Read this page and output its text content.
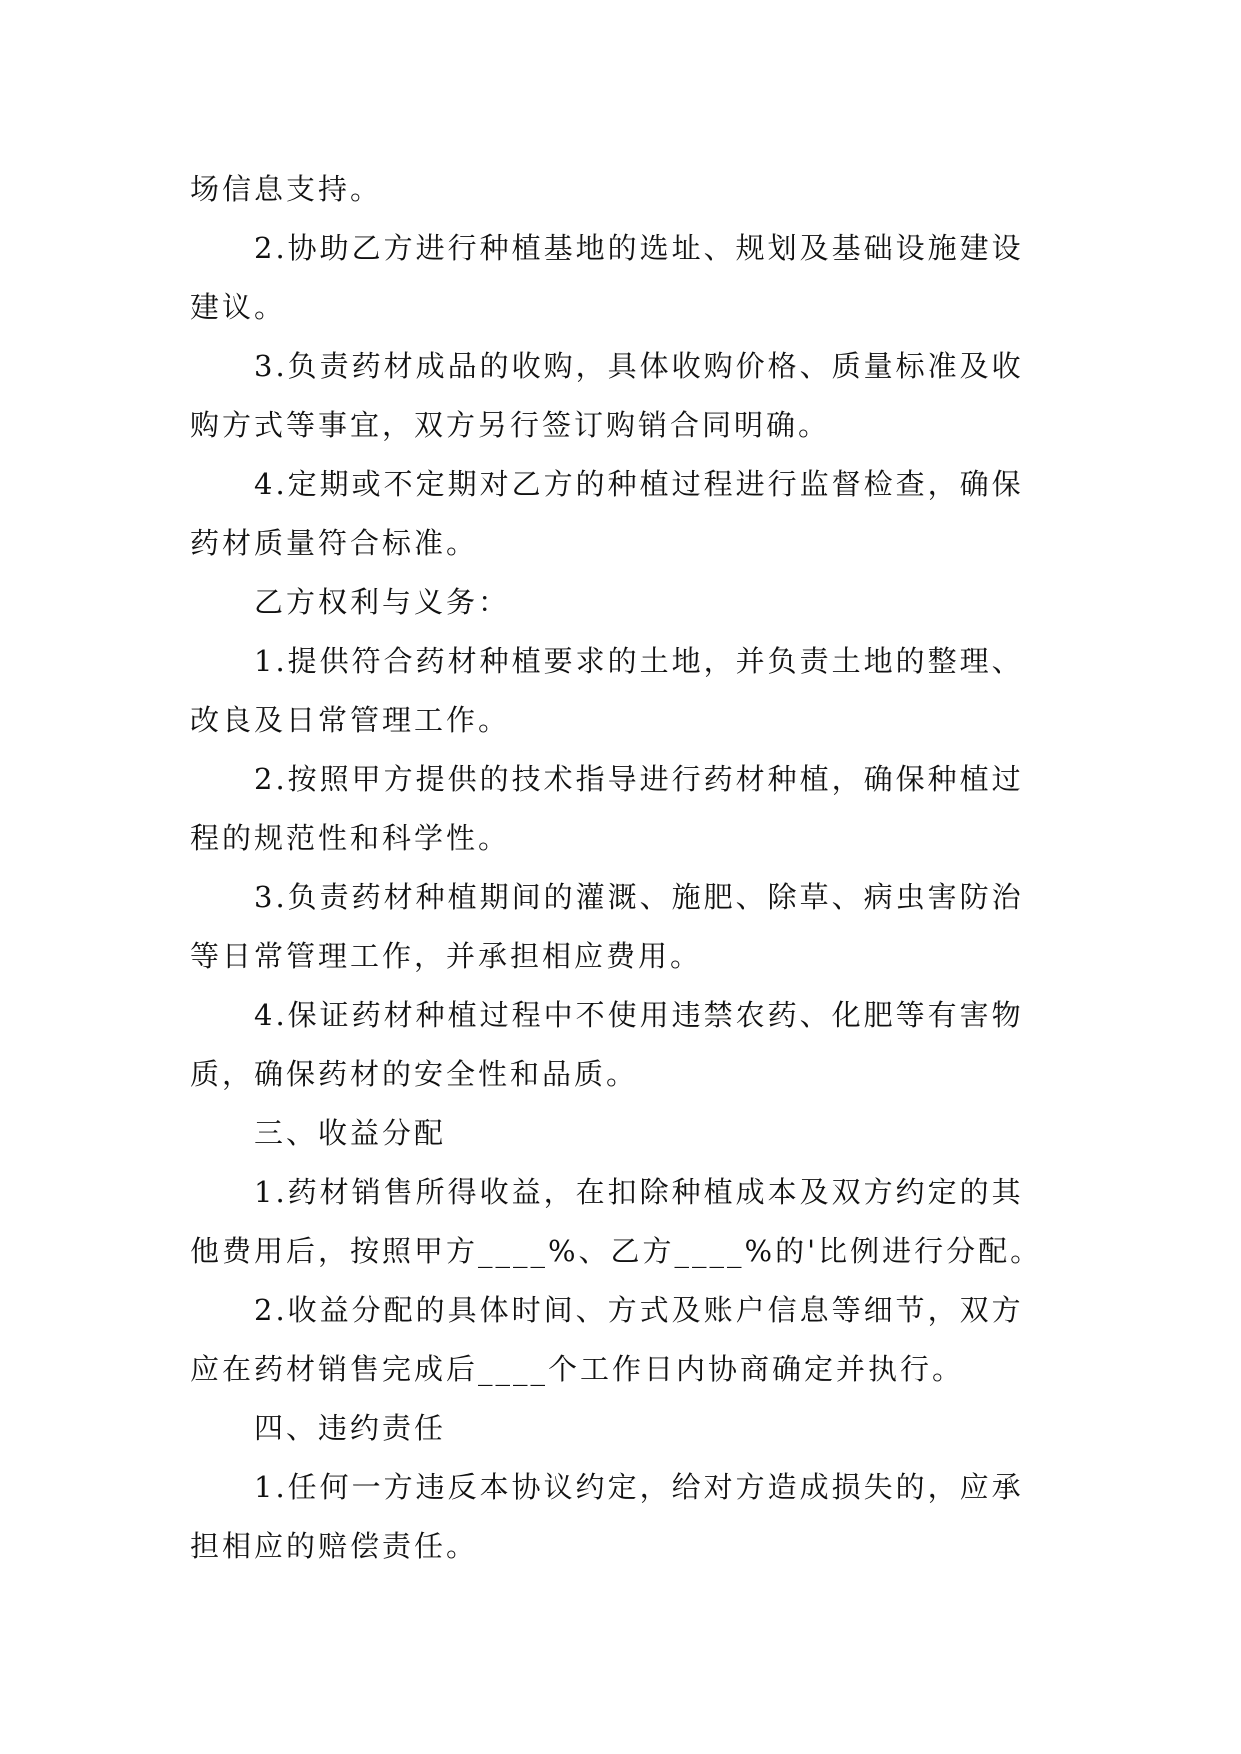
场信息支持。
2.协助乙方进行种植基地的选址、规划及基础设施建设
建议。
3.负责药材成品的收购，具体收购价格、质量标准及收
购方式等事宜，双方另行签订购销合同明确。
4.定期或不定期对乙方的种植过程进行监督检查，确保
药材质量符合标准。
乙方权利与义务：
1.提供符合药材种植要求的土地，并负责土地的整理、
改良及日常管理工作。
2.按照甲方提供的技术指导进行药材种植，确保种植过
程的规范性和科学性。
3.负责药材种植期间的灌溉、施肥、除草、病虫害防治
等日常管理工作，并承担相应费用。
4.保证药材种植过程中不使用违禁农药、化肥等有害物
质，确保药材的安全性和品质。
三、收益分配
1.药材销售所得收益，在扣除种植成本及双方约定的其
他费用后，按照甲方____%、乙方____%的'比例进行分配。
2.收益分配的具体时间、方式及账户信息等细节，双方
应在药材销售完成后____个工作日内协商确定并执行。
四、违约责任
1.任何一方违反本协议约定，给对方造成损失的，应承
担相应的赔偿责任。
